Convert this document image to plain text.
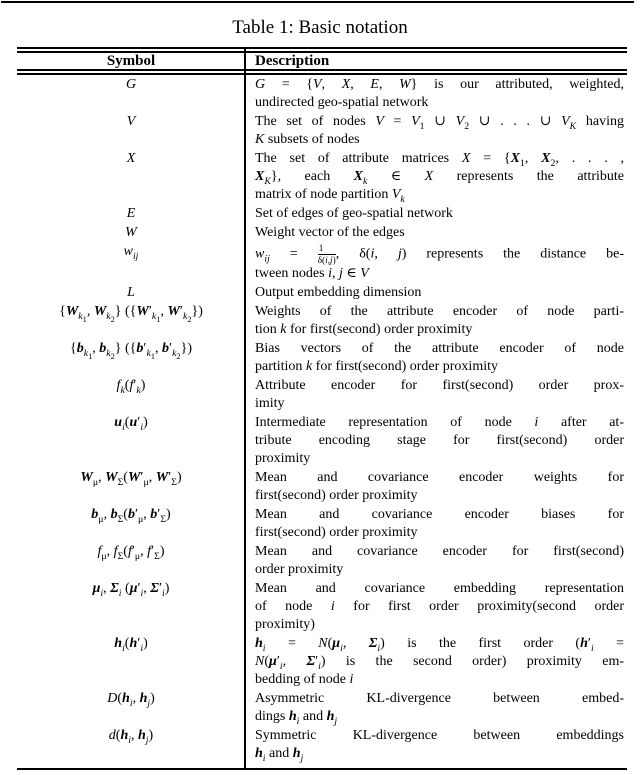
Table 1: Basic notation
Symbol	Description
G	G = {V, X, E, W} is our attributed, weighted,
undirected geo-spatial network
V	The set of nodes $V = V_1$ ∪ $V_2$ ∪ . . . ∪ $V_K$ having
K subsets of nodes
X	The set of attribute matrices $X = \{X_1$, $X_2$, . . . ,
$X_K$}, each $X_k$ ∈ X represents the attribute
matrix of node partition $V_k$
E	Set of edges of geo-spatial network
W	Weight vector of the edges
$w_{ij}$	$w_{ij} = \frac{1}{\delta(i,j)}$ , δ(i, j) represents the distance be-
tween nodes i, j ∈ V
L	Output embedding dimension
{$W_{k_1}$, $W_{k_2}$} ({$W'_{k_1}$, $W'_{k_2}$})	Weights of the attribute encoder of node parti-
tion k for first(second) order proximity
{$b_{k_1}$, $b_{k_2}$} ({$b'_{k_1}$, $b'_{k_2}$})	Bias vectors of the attribute encoder of node
partition k for first(second) order proximity
$f_k(f'_k)$	Attribute encoder for first(second) order prox-
imity
$u_i(u'_i)$	Intermediate representation of node i after at-
tribute encoding stage for first(second) order
proximity
$W_\mu$, $W_\Sigma(W'_\mu$, $W'_\Sigma$)	Mean and covariance encoder weights for
first(second) order proximity
$b_\mu$, $b_\Sigma(b'_\mu$, $b'_\Sigma$)	Mean and covariance encoder biases for
first(second) order proximity
$f_\mu$, $f_\Sigma(f'_\mu$, $f'_\Sigma$)	Mean and covariance encoder for first(second)
order proximity
$\mu_i$, $\Sigma_i$ ($\mu'_i$, $\Sigma'_i$)	Mean and covariance embedding representation
of node i for first order proximity(second order
proximity)
$h_i(h'_i)$	$h_i = N(\mu_i$, $\Sigma_i$) is the first order ($h'_i$ =
$N(\mu'_i$, $\Sigma'_i$) is the second order) proximity em-
bedding of node i
$D(h_i$, $h_j$)	Asymmetric KL-divergence between embed-
dings $h_i$ and $h_j$
$d(h_i$, $h_j$)	Symmetric KL-divergence between embeddings
$h_i$ and $h_j$
